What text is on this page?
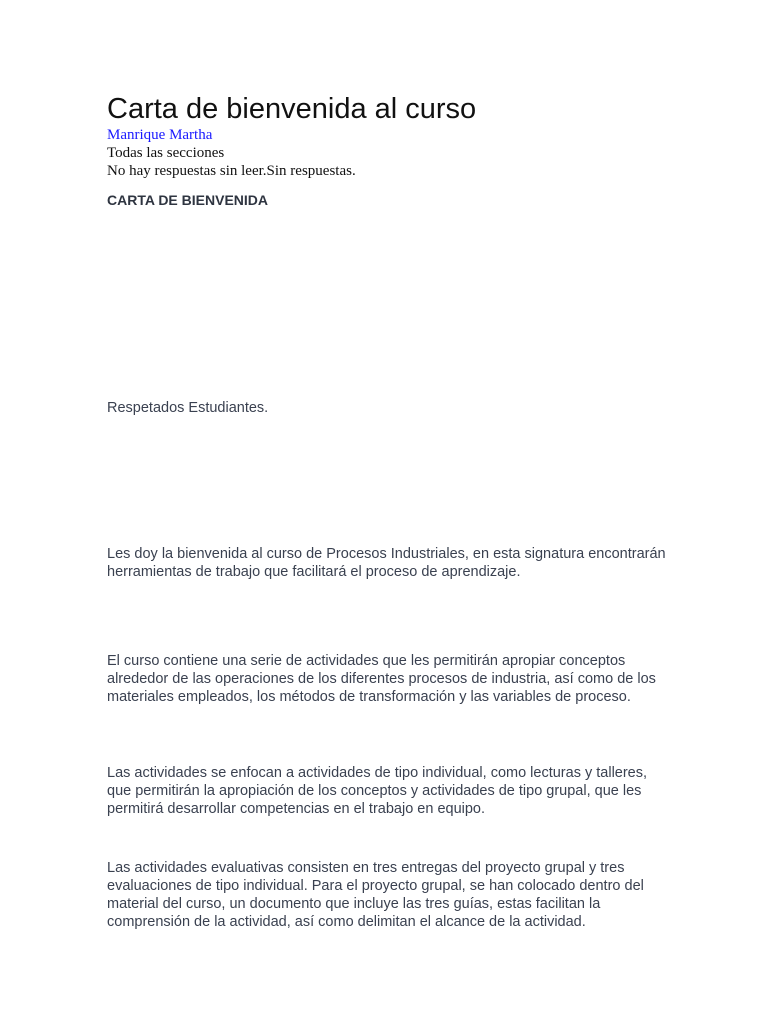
Carta de bienvenida al curso
Manrique Martha
Todas las secciones
No hay respuestas sin leer.Sin respuestas.
CARTA DE BIENVENIDA

Respetados Estudiantes.

Les doy la bienvenida al curso de Procesos Industriales, en esta signatura encontrarán herramientas de trabajo que facilitará el proceso de aprendizaje.

El curso contiene una serie de actividades que les permitirán apropiar conceptos alrededor de las operaciones de los diferentes procesos de industria, así como de los materiales empleados, los métodos de transformación y las variables de proceso.

Las actividades se enfocan a actividades de tipo individual, como lecturas y talleres, que permitirán la apropiación de los conceptos y actividades de tipo grupal, que les permitirá desarrollar competencias en el trabajo en equipo.

Las actividades evaluativas consisten en tres entregas del proyecto grupal y tres evaluaciones de tipo individual. Para el proyecto grupal, se han colocado dentro del material del curso, un documento que incluye las tres guías, estas facilitan la comprensión de la actividad, así como delimitan el alcance de la actividad.
